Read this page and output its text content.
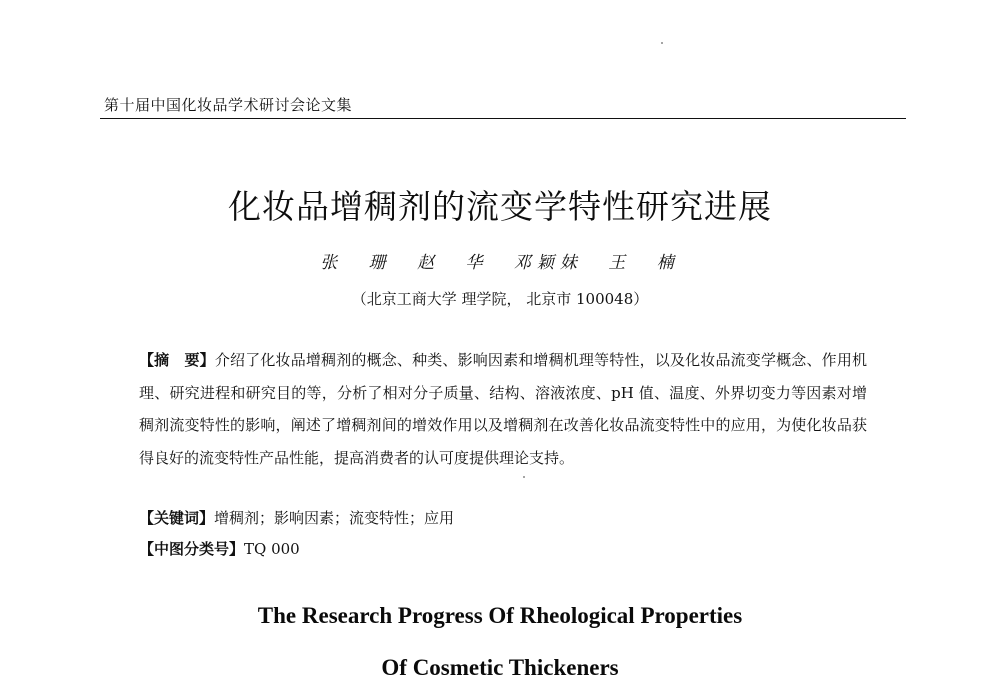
第十届中国化妆品学术研讨会论文集
化妆品增稠剂的流变学特性研究进展
张 珊 赵 华 邓颖妹 王 楠
（北京工商大学 理学院， 北京市 100048）
【摘　要】介绍了化妆品增稠剂的概念、种类、影响因素和增稠机理等特性，以及化妆品流变学概念、作用机理、研究进程和研究目的等，分析了相对分子质量、结构、溶液浓度、pH 值、温度、外界切变力等因素对增稠剂流变特性的影响，阐述了增稠剂间的增效作用以及增稠剂在改善化妆品流变特性中的应用，为使化妆品获得良好的流变特性产品性能，提高消费者的认可度提供理论支持。
【关键词】增稠剂；影响因素；流变特性；应用
【中图分类号】TQ 000
The Research Progress Of Rheological Properties
Of Cosmetic Thickeners
